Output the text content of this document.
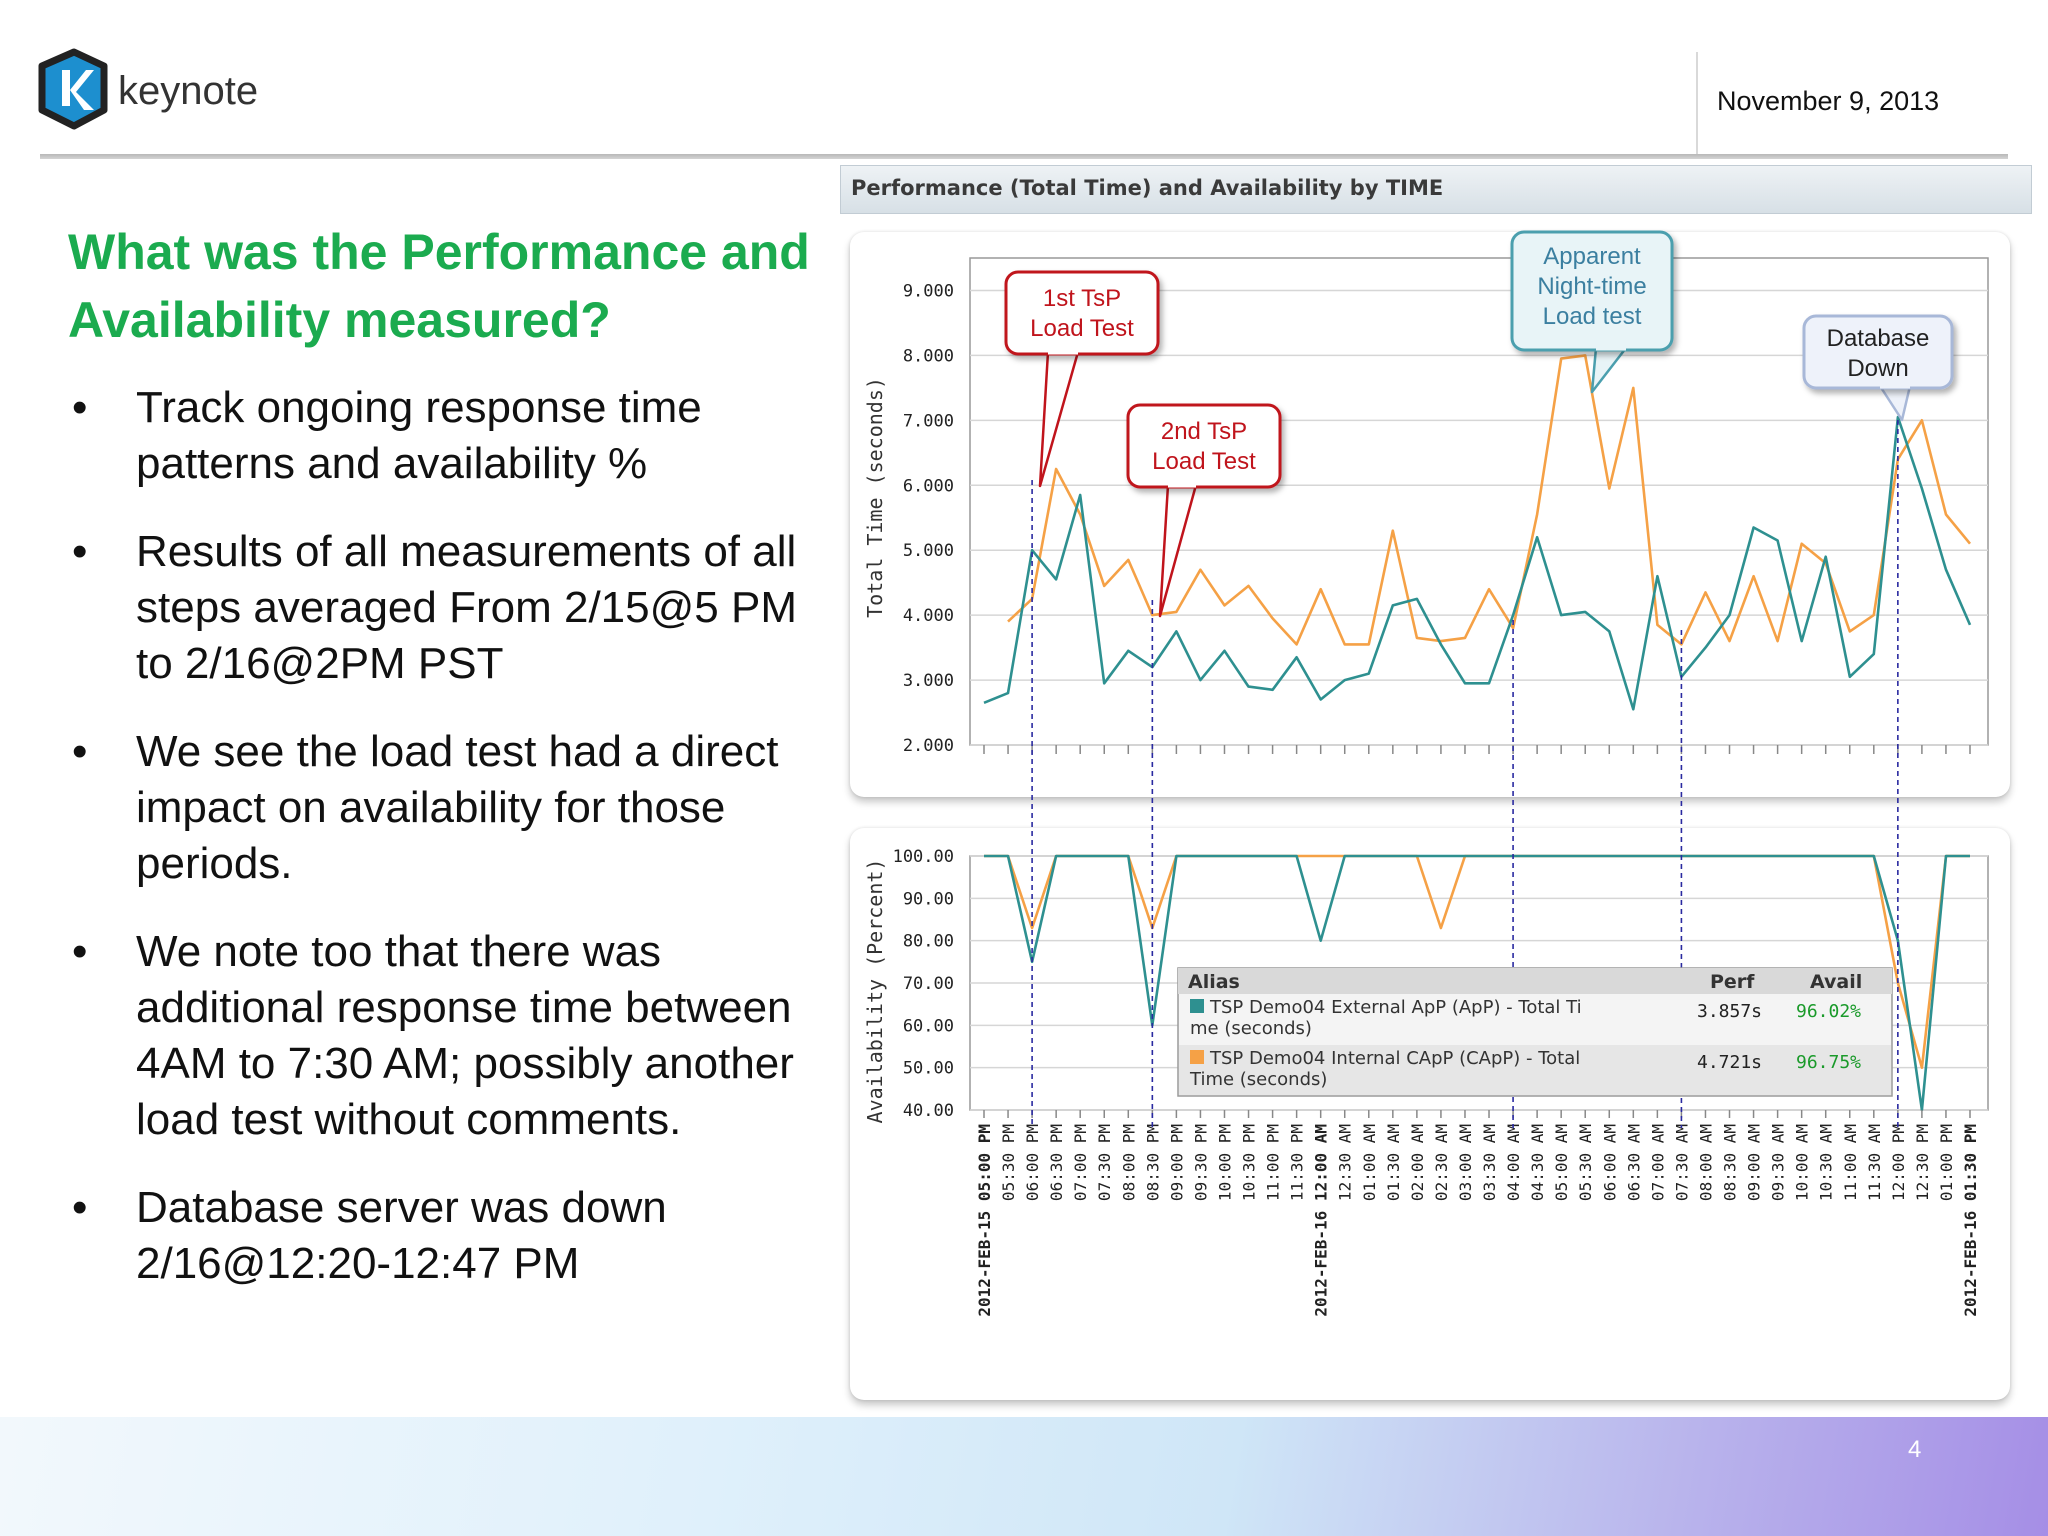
keynote	November 9, 2013
What was the Performance and Availability measured?
• Track ongoing response time patterns and availability %
• Results of all measurements of all steps averaged From 2/15@5 PM to 2/16@2PM PST
• We see the load test had a direct impact on availability for those periods.
• We note too that there was additional response time between 4AM to 7:30 AM; possibly another load test without comments.
• Database server was down 2/16@12:20-12:47 PM
Performance (Total Time) and Availability by TIME
2.000
3.000
4.000
5.000
6.000
7.000
8.000
9.000
Total Time (seconds)
40.00
50.00
60.00
70.00
80.00
90.00
100.00
Availability (Percent)
2012-FEB-15 05:00 PM 05:30 PM 06:00 PM 06:30 PM 07:00 PM 07:30 PM 08:00 PM 08:30 PM 09:00 PM 09:30 PM 10:00 PM 10:30 PM 11:00 PM 11:30 PM 2012-FEB-16 12:00 AM 12:30 AM 01:00 AM 01:30 AM 02:00 AM 02:30 AM 03:00 AM 03:30 AM 04:00 AM 04:30 AM 05:00 AM 05:30 AM 06:00 AM 06:30 AM 07:00 AM 07:30 AM 08:00 AM 08:30 AM 09:00 AM 09:30 AM 10:00 AM 10:30 AM 11:00 AM 11:30 AM 12:00 PM 12:30 PM 01:00 PM 2012-FEB-16 01:30 PM
Alias	Perf	Avail
TSP Demo04 External ApP (ApP) - Total Ti
me (seconds)
3.857s 96.02%
TSP Demo04 Internal CApP (CApP) - Total
Time (seconds)
4.721s 96.75%
1st TsP
Load Test
2nd TsP
Load Test
Apparent
Night-time
Load test
Database
Down
4
